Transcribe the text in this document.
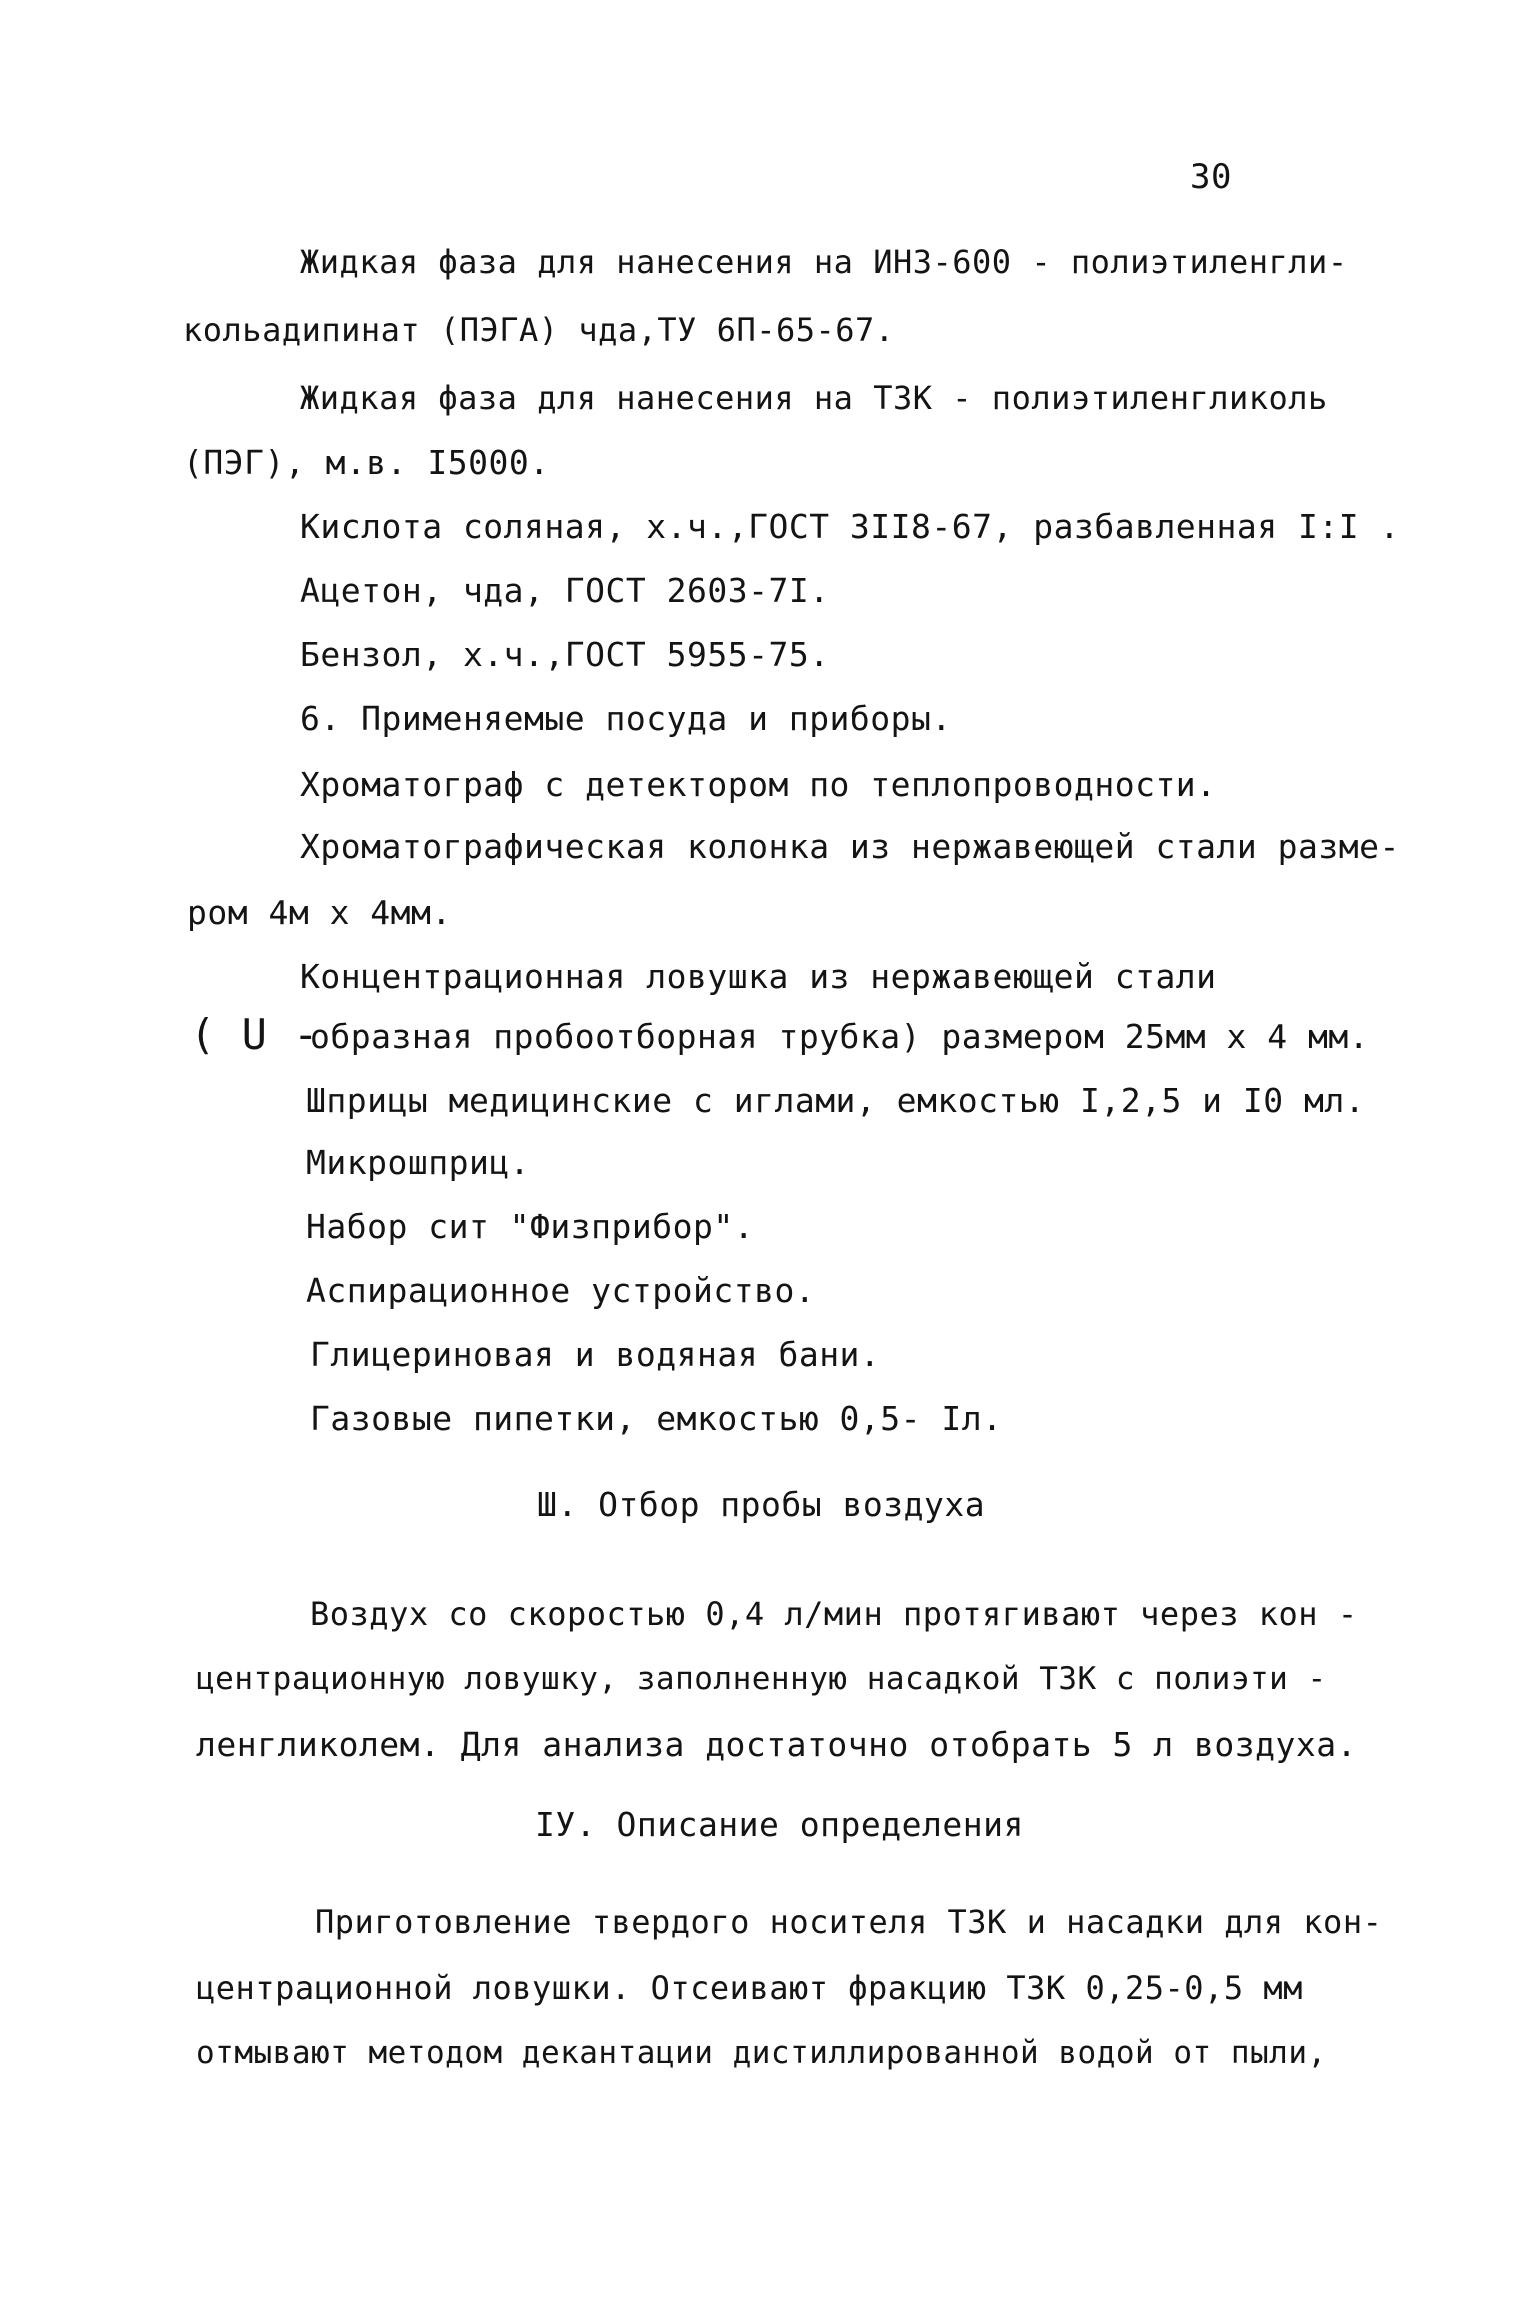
30
Жидкая фаза для нанесения на ИНЗ-600 - полиэтиленгли-
кольадипинат (ПЭГА) чда,ТУ 6П-65-67.
Жидкая фаза для нанесения на ТЗК - полиэтиленгликоль
(ПЭГ), м.в. I5000.
Кислота соляная, х.ч.,ГОСТ 3II8-67, разбавленная I:I .
Ацетон, чда, ГОСТ 2603-7I.
Бензол, х.ч.,ГОСТ 5955-75.
6. Применяемые посуда и приборы.
Хроматограф с детектором по теплопроводности.
Хроматографическая колонка из нержавеющей стали разме-
ром 4м х 4мм.
Концентрационная ловушка из нержавеющей стали
( U -
образная пробоотборная трубка) размером 25мм х 4 мм.
Шприцы медицинские с иглами, емкостью I,2,5 и I0 мл.
Микрошприц.
Набор сит "Физприбор".
Аспирационное устройство.
Глицериновая и водяная бани.
Газовые пипетки, емкостью 0,5- Iл.
Ш. Отбор пробы воздуха
Воздух со скоростью 0,4 л/мин протягивают через кон -
центрационную ловушку, заполненную насадкой ТЗК с полиэти -
ленгликолем. Для анализа достаточно отобрать 5 л воздуха.
IУ. Описание определения
Приготовление твердого носителя ТЗК и насадки для кон-
центрационной ловушки. Отсеивают фракцию ТЗК 0,25-0,5 мм
отмывают методом декантации дистиллированной водой от пыли,
